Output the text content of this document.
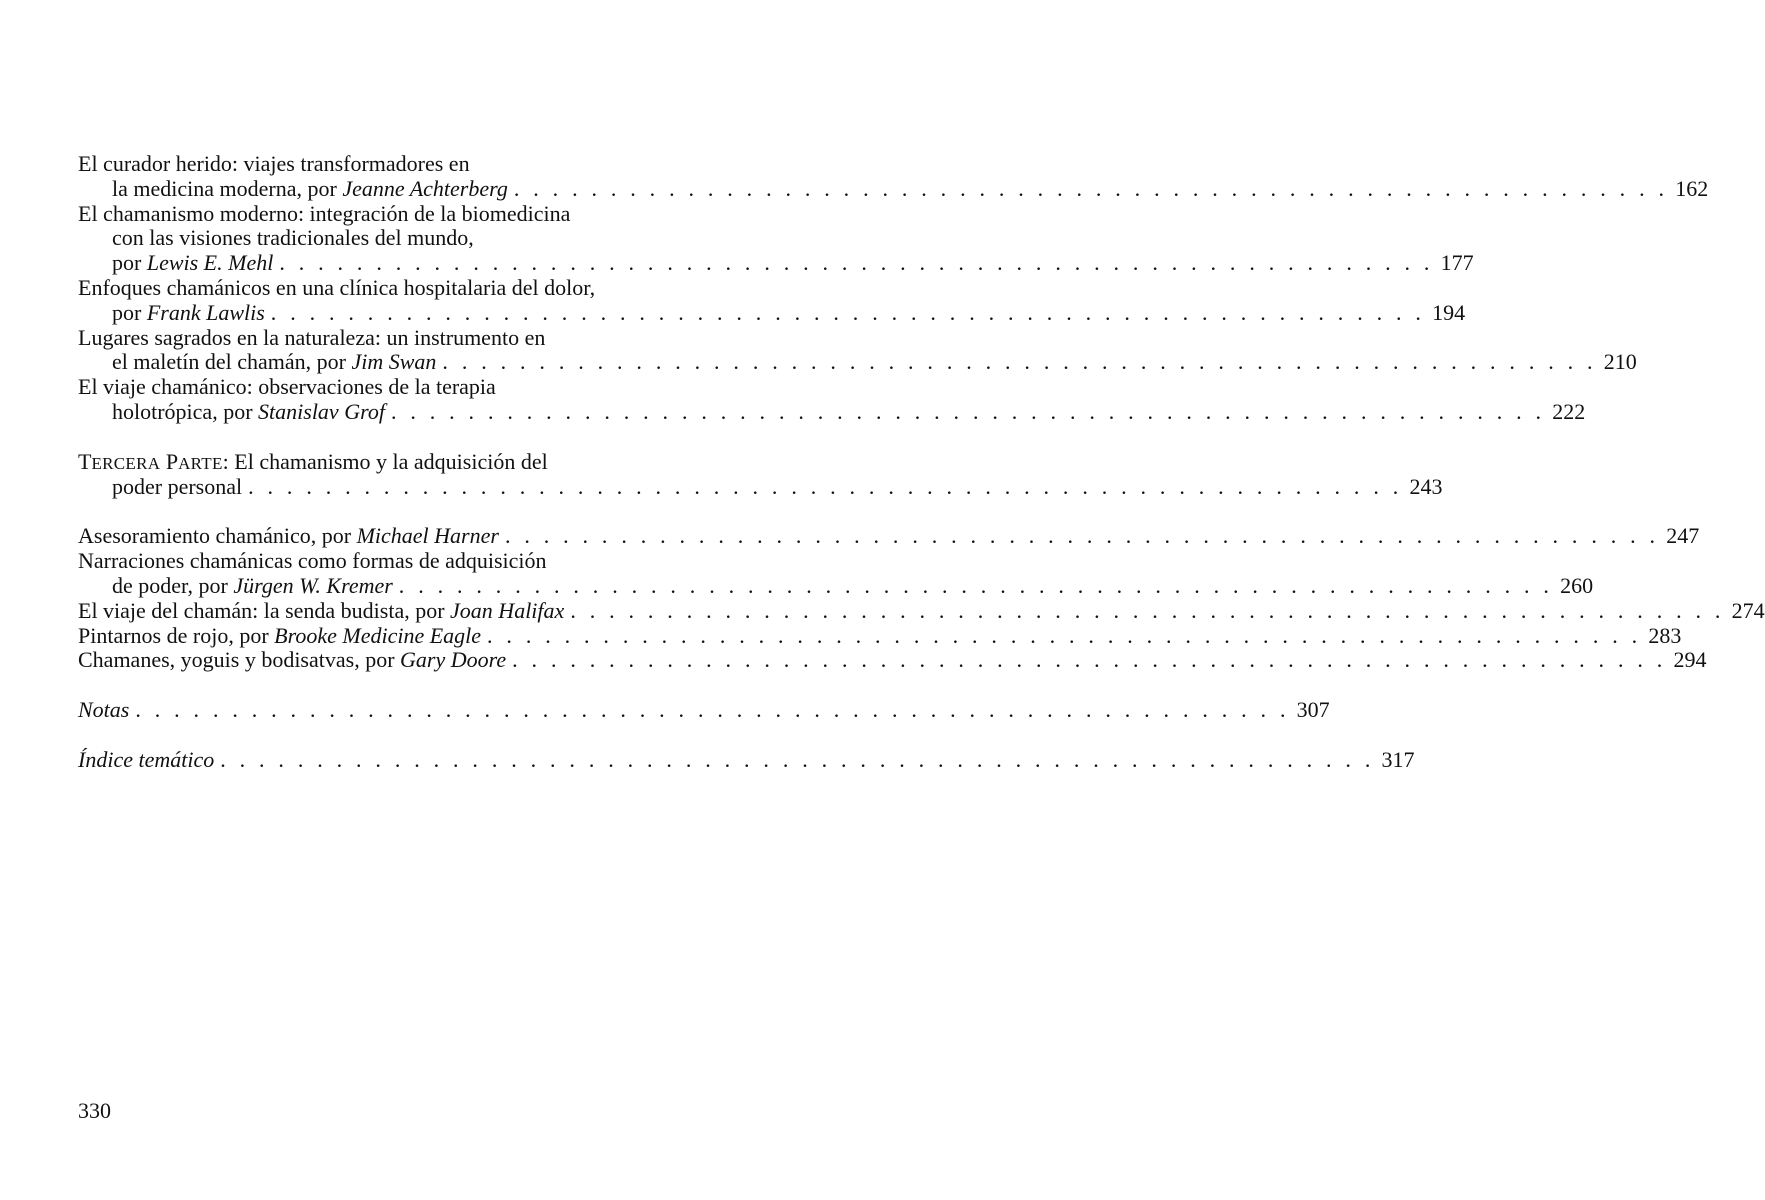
El curador herido: viajes transformadores en
la medicina moderna, por Jeanne Achterberg . . . . . . . . . . . . . . . . . . . . . . . . . . . . . . . . . . . . . . . . . . . . . . . . . . . . . . . . . . . . 162
El chamanismo moderno: integración de la biomedicina
con las visiones tradicionales del mundo,
por Lewis E. Mehl . . . . . . . . . . . . . . . . . . . . . . . . . . . . . . . . . . . . . . . . . . . . . . . . . . . . . . . . . . . . 177
Enfoques chamánicos en una clínica hospitalaria del dolor,
por Frank Lawlis . . . . . . . . . . . . . . . . . . . . . . . . . . . . . . . . . . . . . . . . . . . . . . . . . . . . . . . . . . . . 194
Lugares sagrados en la naturaleza: un instrumento en
el maletín del chamán, por Jim Swan . . . . . . . . . . . . . . . . . . . . . . . . . . . . . . . . . . . . . . . . . . . . . . . . . . . . . . . . . . . . 210
El viaje chamánico: observaciones de la terapia
holotrópica, por Stanislav Grof . . . . . . . . . . . . . . . . . . . . . . . . . . . . . . . . . . . . . . . . . . . . . . . . . . . . . . . . . . . . 222
TERCERA PARTE: El chamanismo y la adquisición del
poder personal . . . . . . . . . . . . . . . . . . . . . . . . . . . . . . . . . . . . . . . . . . . . . . . . . . . . . . . . . . . . 243
Asesoramiento chamánico, por Michael Harner . . . . . . . . . . . . . . . . . . . . . . . . . . . . . . . . . . . . . . . . . . . . . . . . . . . . . . . . . . . . 247
Narraciones chamánicas como formas de adquisición
de poder, por Jürgen W. Kremer . . . . . . . . . . . . . . . . . . . . . . . . . . . . . . . . . . . . . . . . . . . . . . . . . . . . . . . . . . . . 260
El viaje del chamán: la senda budista, por Joan Halifax . . . . . . . . . . . . . . . . . . . . . . . . . . . . . . . . . . . . . . . . . . . . . . . . . . . . . . . . . . . . 274
Pintarnos de rojo, por Brooke Medicine Eagle . . . . . . . . . . . . . . . . . . . . . . . . . . . . . . . . . . . . . . . . . . . . . . . . . . . . . . . . . . . . 283
Chamanes, yoguis y bodisatvas, por Gary Doore . . . . . . . . . . . . . . . . . . . . . . . . . . . . . . . . . . . . . . . . . . . . . . . . . . . . . . . . . . . . 294
Notas . . . . . . . . . . . . . . . . . . . . . . . . . . . . . . . . . . . . . . . . . . . . . . . . . . . . . . . . . . . . 307
Índice temático . . . . . . . . . . . . . . . . . . . . . . . . . . . . . . . . . . . . . . . . . . . . . . . . . . . . . . . . . . . . 317
330
